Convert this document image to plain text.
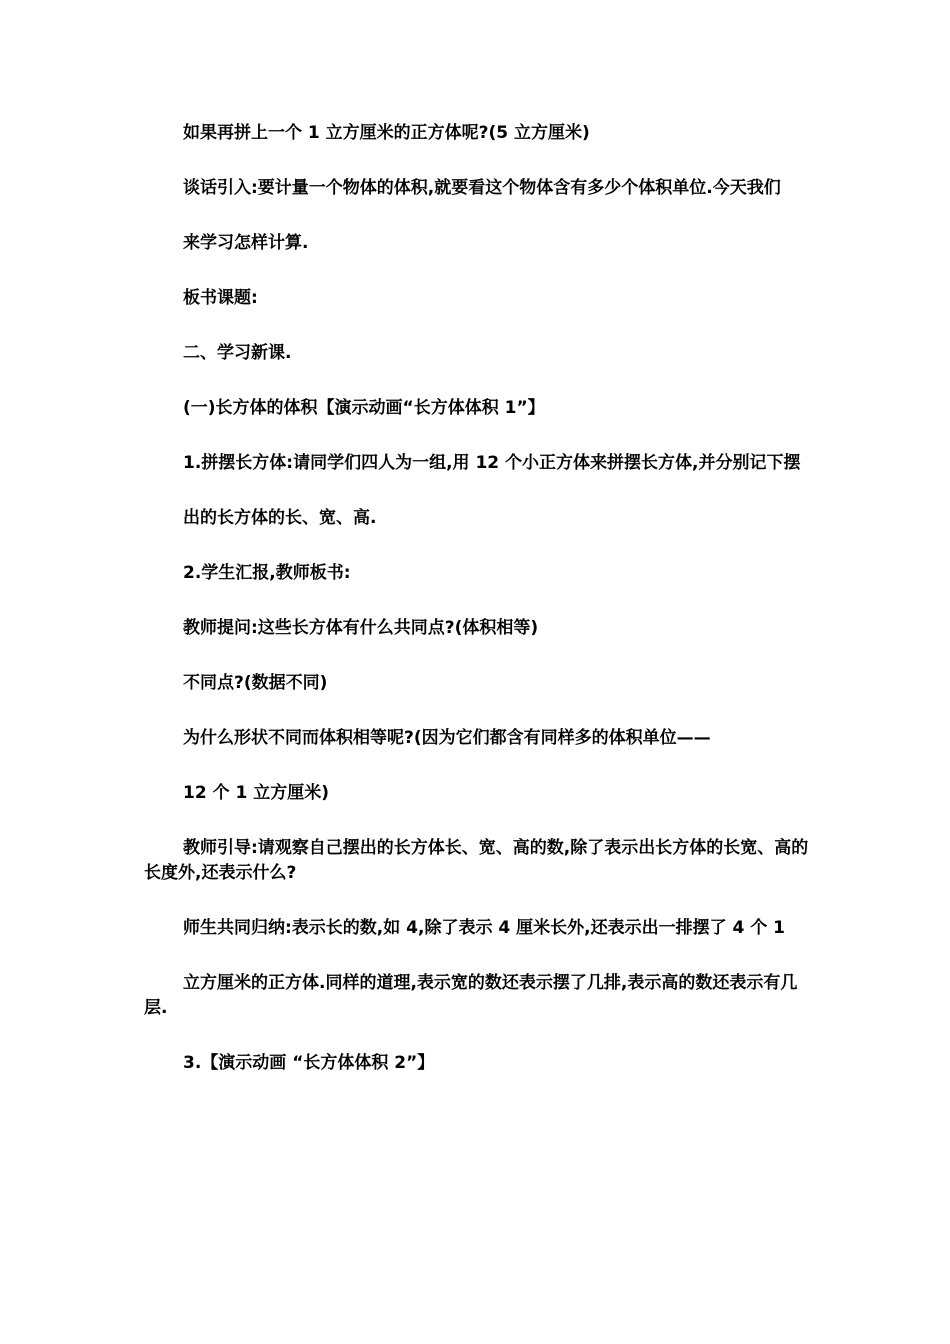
如果再拼上一个 1 立方厘米的正方体呢?(5 立方厘米)

谈话引入:要计量一个物体的体积,就要看这个物体含有多少个体积单位.今天我们

来学习怎样计算.

板书课题:

二、学习新课.

(一)长方体的体积【演示动画“长方体体积 1”】

1.拼摆长方体:请同学们四人为一组,用 12 个小正方体来拼摆长方体,并分别记下摆

出的长方体的长、宽、高.

2.学生汇报,教师板书:

教师提问:这些长方体有什么共同点?(体积相等)

不同点?(数据不同)

为什么形状不同而体积相等呢?(因为它们都含有同样多的体积单位——

12 个 1 立方厘米)

教师引导:请观察自己摆出的长方体长、宽、高的数,除了表示出长方体的长宽、高的长度外,还表示什么?

师生共同归纳:表示长的数,如 4,除了表示 4 厘米长外,还表示出一排摆了 4 个 1

立方厘米的正方体.同样的道理,表示宽的数还表示摆了几排,表示高的数还表示有几层.

3.【演示动画 “长方体体积 2”】
